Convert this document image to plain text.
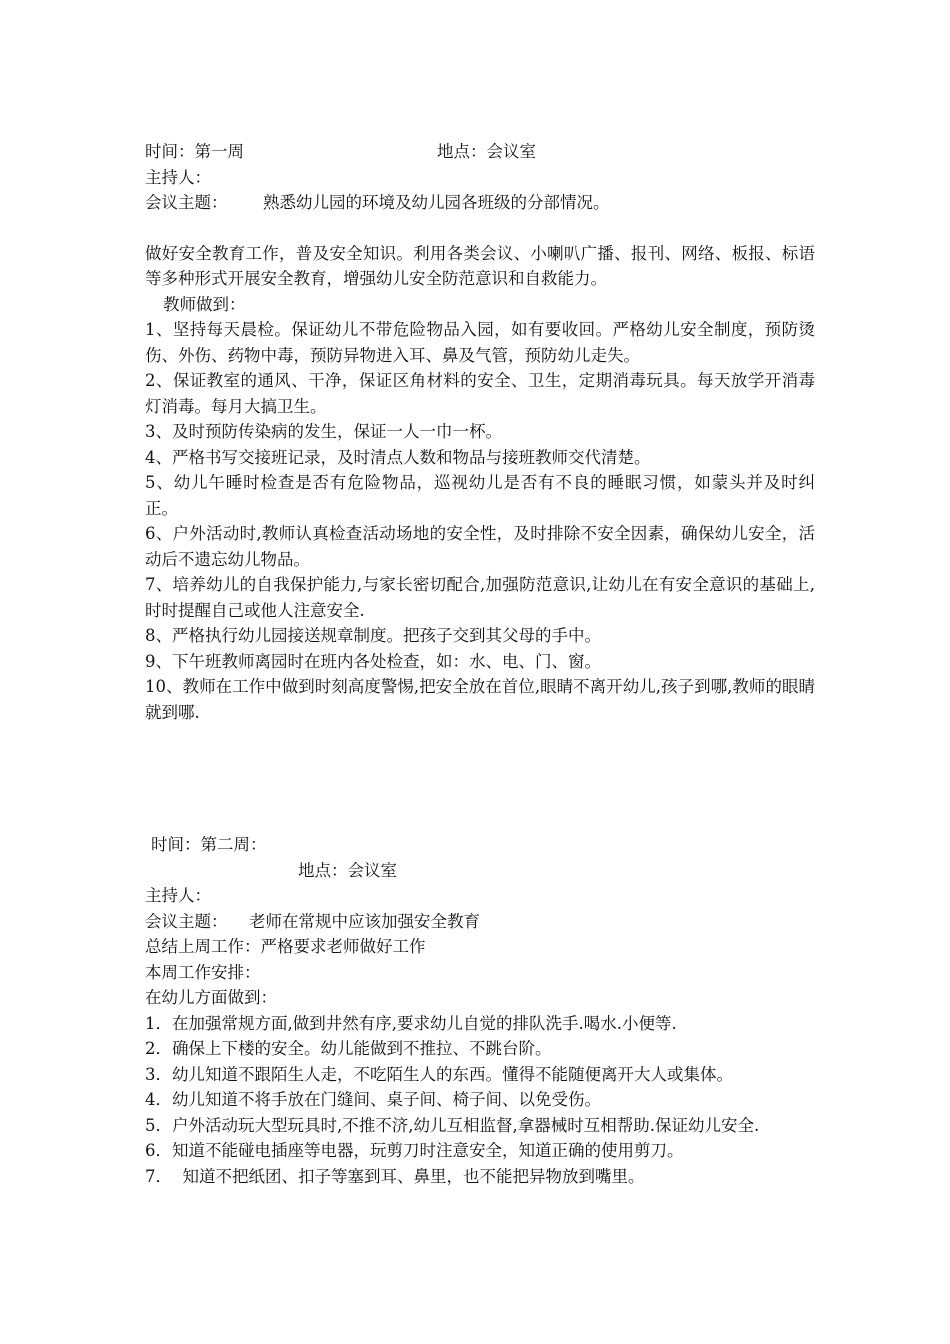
时间：第一周	地点：会议室
主持人：
会议主题： 熟悉幼儿园的环境及幼儿园各班级的分部情况。
做好安全教育工作，普及安全知识。利用各类会议、小喇叭广播、报刊、网络、板报、标语等多种形式开展安全教育，增强幼儿安全防范意识和自救能力。
教师做到：
1、坚持每天晨检。保证幼儿不带危险物品入园，如有要收回。严格幼儿安全制度，预防烫伤、外伤、药物中毒，预防异物进入耳、鼻及气管，预防幼儿走失。
2、保证教室的通风、干净，保证区角材料的安全、卫生，定期消毒玩具。每天放学开消毒灯消毒。每月大搞卫生。
3、及时预防传染病的发生，保证一人一巾一杯。
4、严格书写交接班记录，及时清点人数和物品与接班教师交代清楚。
5、幼儿午睡时检查是否有危险物品，巡视幼儿是否有不良的睡眠习惯，如蒙头并及时纠正。
6、户外活动时,教师认真检查活动场地的安全性，及时排除不安全因素，确保幼儿安全，活动后不遗忘幼儿物品。
7、培养幼儿的自我保护能力,与家长密切配合,加强防范意识,让幼儿在有安全意识的基础上,时时提醒自己或他人注意安全.
8、严格执行幼儿园接送规章制度。把孩子交到其父母的手中。
9、下午班教师离园时在班内各处检查，如：水、电、门、窗。
10、教师在工作中做到时刻高度警惕,把安全放在首位,眼睛不离开幼儿,孩子到哪,教师的眼睛就到哪.
时间：第二周：
地点：会议室
主持人：
会议主题： 老师在常规中应该加强安全教育
总结上周工作：严格要求老师做好工作
本周工作安排：
在幼儿方面做到：
1．在加强常规方面,做到井然有序,要求幼儿自觉的排队洗手.喝水.小便等.
2．确保上下楼的安全。幼儿能做到不推拉、不跳台阶。
3．幼儿知道不跟陌生人走，不吃陌生人的东西。懂得不能随便离开大人或集体。
4．幼儿知道不将手放在门缝间、桌子间、椅子间、以免受伤。
5．户外活动玩大型玩具时,不推不济,幼儿互相监督,拿器械时互相帮助.保证幼儿安全.
6．知道不能碰电插座等电器，玩剪刀时注意安全，知道正确的使用剪刀。
7．  知道不把纸团、扣子等塞到耳、鼻里，也不能把异物放到嘴里。
